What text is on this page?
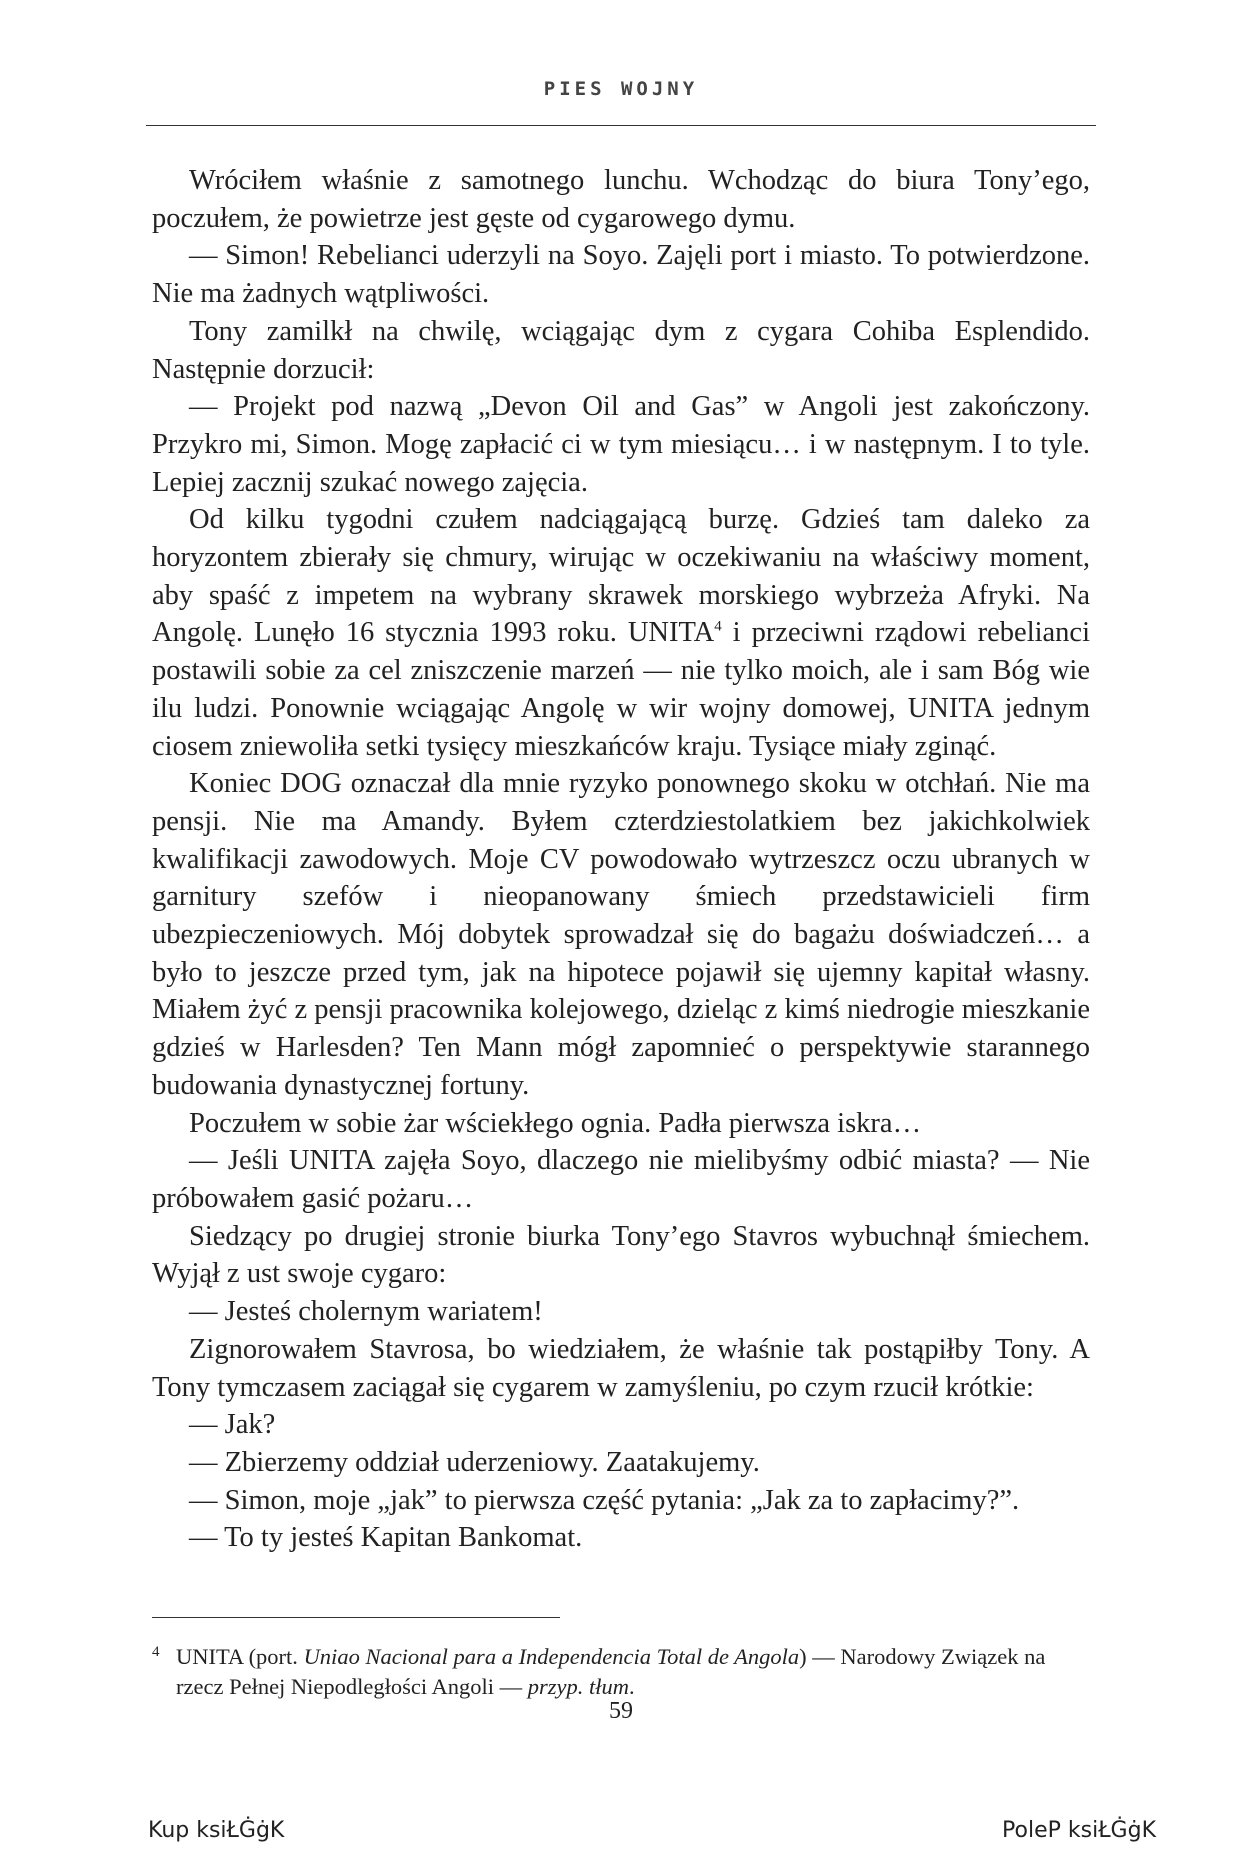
PIES WOJNY

Wróciłem właśnie z samotnego lunchu. Wchodząc do biura Tony’ego, poczułem, że powietrze jest gęste od cygarowego dymu.

— Simon! Rebelianci uderzyli na Soyo. Zajęli port i miasto. To potwierdzone. Nie ma żadnych wątpliwości.

Tony zamilkł na chwilę, wciągając dym z cygara Cohiba Esplendido. Następnie dorzucił:

— Projekt pod nazwą „Devon Oil and Gas” w Angoli jest zakończony. Przykro mi, Simon. Mogę zapłacić ci w tym miesiącu… i w następnym. I to tyle. Lepiej zacznij szukać nowego zajęcia.

Od kilku tygodni czułem nadciągającą burzę. Gdzieś tam daleko za horyzontem zbierały się chmury, wirując w oczekiwaniu na właściwy moment, aby spaść z impetem na wybrany skrawek morskiego wybrzeża Afryki. Na Angolę. Lunęło 16 stycznia 1993 roku. UNITA$^4$ i przeciwni rządowi rebelianci postawili sobie za cel zniszczenie marzeń — nie tylko moich, ale i sam Bóg wie ilu ludzi. Ponownie wciągając Angolę w wir wojny domowej, UNITA jednym ciosem zniewoliła setki tysięcy mieszkańców kraju. Tysiące miały zginąć.

Koniec DOG oznaczał dla mnie ryzyko ponownego skoku w otchłań. Nie ma pensji. Nie ma Amandy. Byłem czterdziestolatkiem bez jakichkolwiek kwalifikacji zawodowych. Moje CV powodowało wytrzeszcz oczu ubranych w garnitury szefów i nieopanowany śmiech przedstawicieli firm ubezpieczeniowych. Mój dobytek sprowadzał się do bagażu doświadczeń… a było to jeszcze przed tym, jak na hipotece pojawił się ujemny kapitał własny. Miałem żyć z pensji pracownika kolejowego, dzieląc z kimś niedrogie mieszkanie gdzieś w Harlesden? Ten Mann mógł zapomnieć o perspektywie starannego budowania dynastycznej fortuny.

Poczułem w sobie żar wściekłego ognia. Padła pierwsza iskra…

— Jeśli UNITA zajęła Soyo, dlaczego nie mielibyśmy odbić miasta? — Nie próbowałem gasić pożaru…

Siedzący po drugiej stronie biurka Tony’ego Stavros wybuchnął śmiechem. Wyjął z ust swoje cygaro:

— Jesteś cholernym wariatem!

Zignorowałem Stavrosa, bo wiedziałem, że właśnie tak postąpiłby Tony. A Tony tymczasem zaciągał się cygarem w zamyśleniu, po czym rzucił krótkie:

— Jak?

— Zbierzemy oddział uderzeniowy. Zaatakujemy.

— Simon, moje „jak” to pierwsza część pytania: „Jak za to zapłacimy?”.

— To ty jesteś Kapitan Bankomat.

4 UNITA (port. Uniao Nacional para a Independencia Total de Angola) — Narodowy Związek na rzecz Pełnej Niepodległości Angoli — przyp. tłum.
59
Kup ksiŁĠġK	PoleP ksiŁĠġK
